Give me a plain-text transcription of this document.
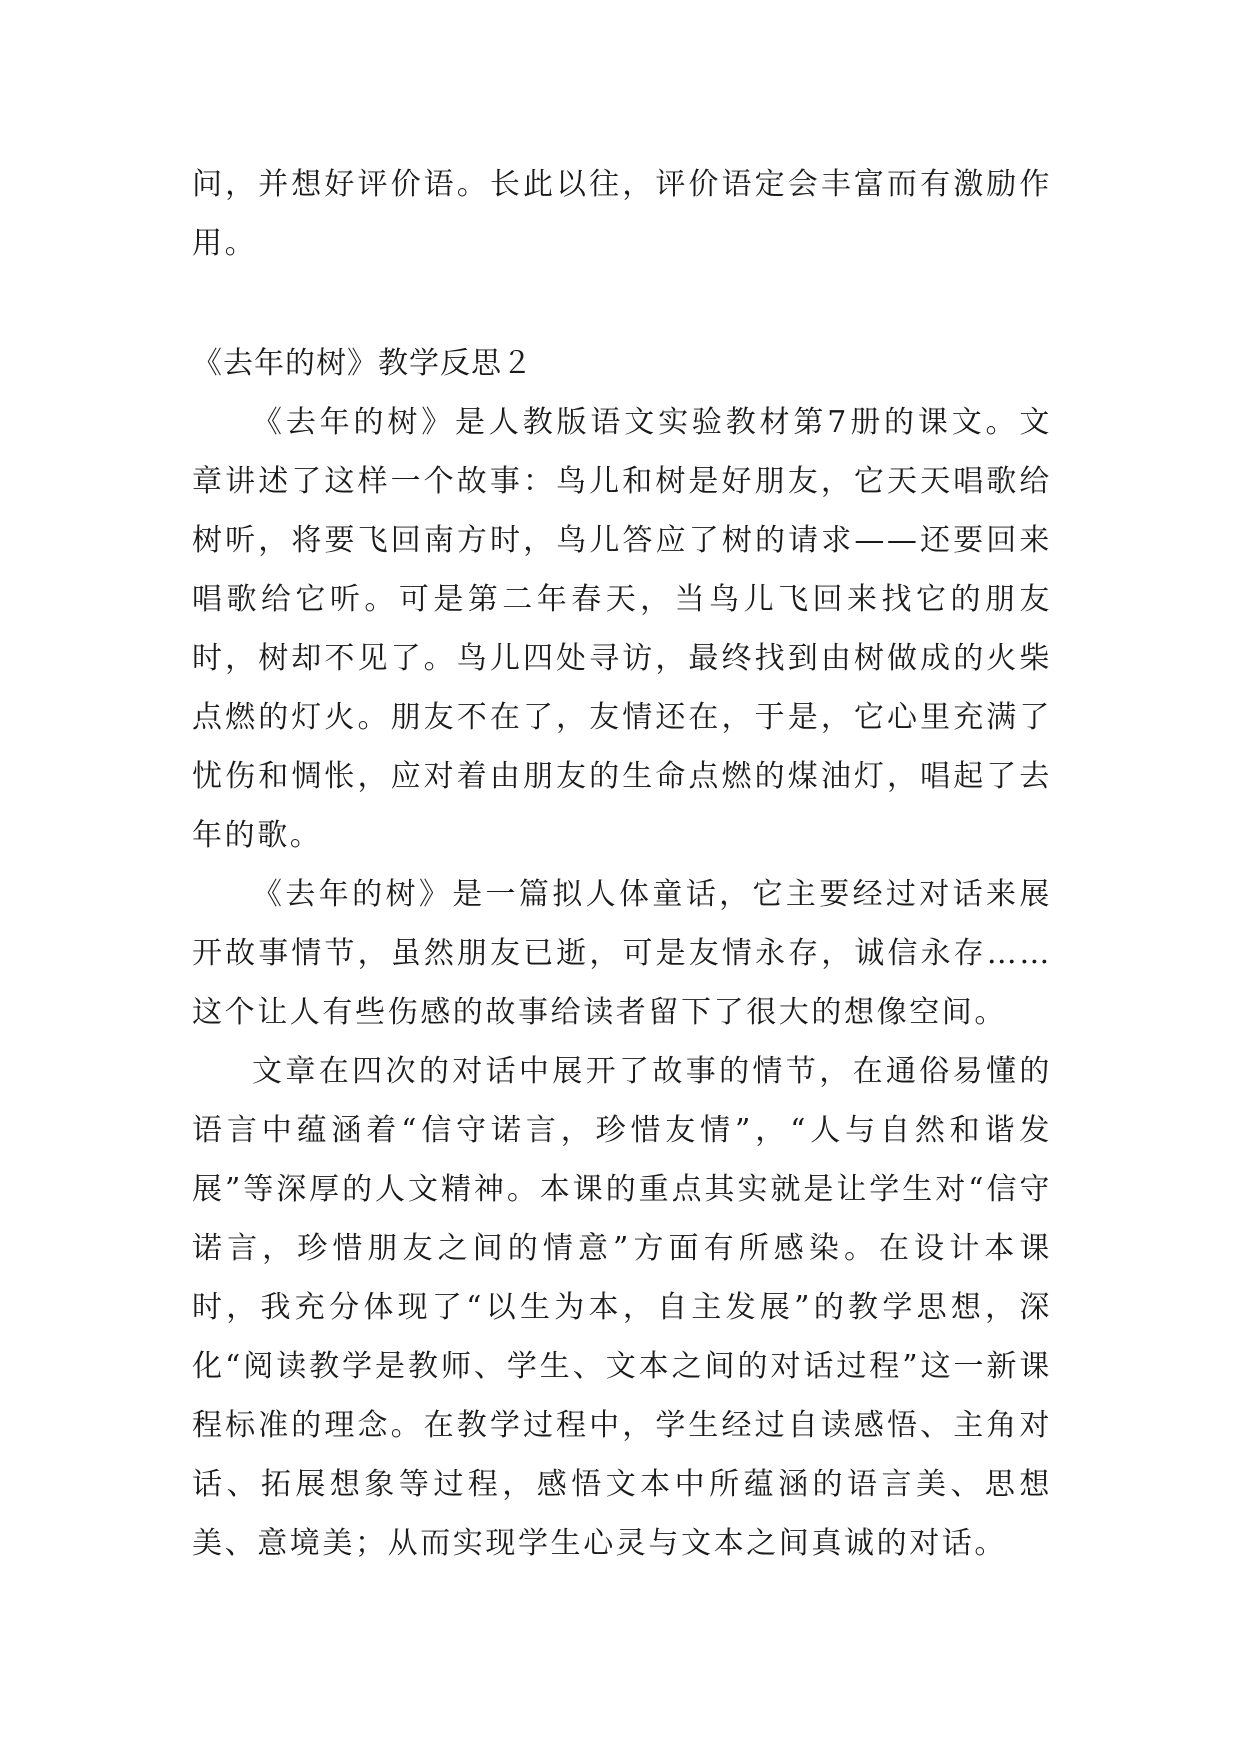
问，并想好评价语。长此以往，评价语定会丰富而有激励作用。

《去年的树》教学反思２

《去年的树》是人教版语文实验教材第7册的课文。文章讲述了这样一个故事：鸟儿和树是好朋友，它天天唱歌给树听，将要飞回南方时，鸟儿答应了树的请求——还要回来唱歌给它听。可是第二年春天，当鸟儿飞回来找它的朋友时，树却不见了。鸟儿四处寻访，最终找到由树做成的火柴点燃的灯火。朋友不在了，友情还在，于是，它心里充满了忧伤和惆怅，应对着由朋友的生命点燃的煤油灯，唱起了去年的歌。

《去年的树》是一篇拟人体童话，它主要经过对话来展开故事情节，虽然朋友已逝，可是友情永存，诚信永存……这个让人有些伤感的故事给读者留下了很大的想像空间。

文章在四次的对话中展开了故事的情节，在通俗易懂的语言中蕴涵着“信守诺言，珍惜友情”，“人与自然和谐发展”等深厚的人文精神。本课的重点其实就是让学生对“信守诺言，珍惜朋友之间的情意”方面有所感染。在设计本课时，我充分体现了“以生为本，自主发展”的教学思想，深化“阅读教学是教师、学生、文本之间的对话过程”这一新课程标准的理念。在教学过程中，学生经过自读感悟、主角对话、拓展想象等过程，感悟文本中所蕴涵的语言美、思想美、意境美；从而实现学生心灵与文本之间真诚的对话。
